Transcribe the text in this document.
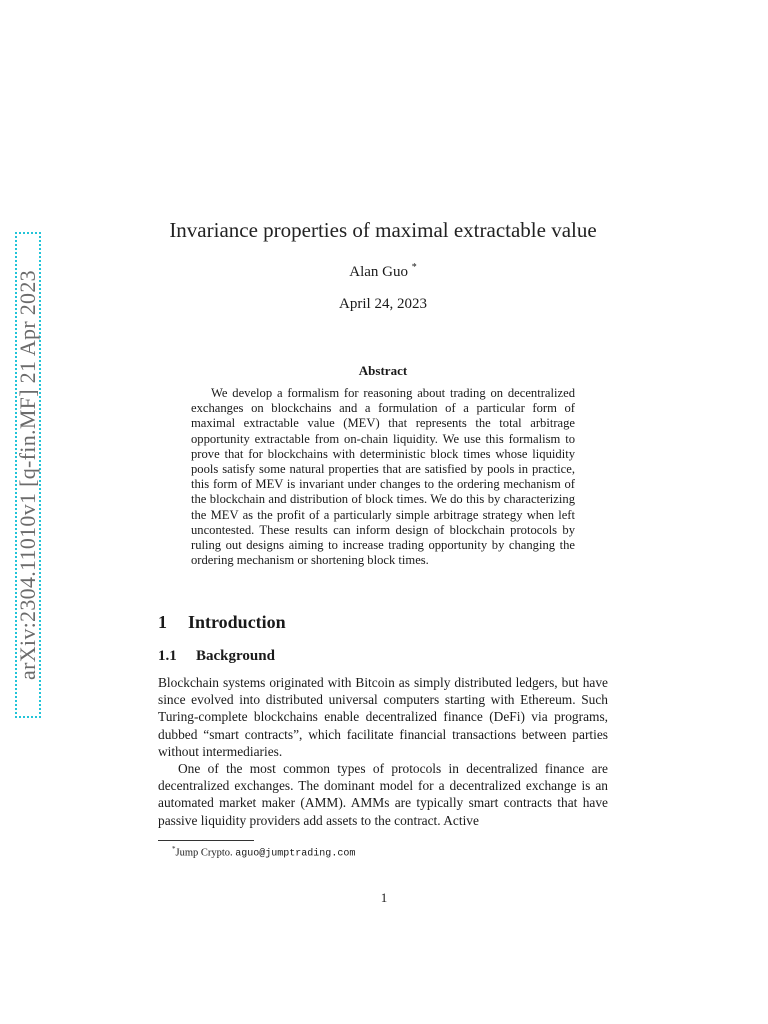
arXiv:2304.11010v1 [q-fin.MF] 21 Apr 2023
Invariance properties of maximal extractable value
Alan Guo *
April 24, 2023
Abstract

We develop a formalism for reasoning about trading on decentralized exchanges on blockchains and a formulation of a particular form of maximal extractable value (MEV) that represents the total arbitrage opportunity extractable from on-chain liquidity. We use this formalism to prove that for blockchains with deterministic block times whose liquidity pools satisfy some natural properties that are satisfied by pools in practice, this form of MEV is invariant under changes to the ordering mechanism of the blockchain and distribution of block times. We do this by characterizing the MEV as the profit of a particularly simple arbitrage strategy when left uncontested. These results can inform design of blockchain protocols by ruling out designs aiming to increase trading opportunity by changing the ordering mechanism or shortening block times.

1 Introduction
1.1 Background

Blockchain systems originated with Bitcoin as simply distributed ledgers, but have since evolved into distributed universal computers starting with Ethereum. Such Turing-complete blockchains enable decentralized finance (DeFi) via programs, dubbed “smart contracts”, which facilitate financial transactions between parties without intermediaries.

One of the most common types of protocols in decentralized finance are decentralized exchanges. The dominant model for a decentralized exchange is an automated market maker (AMM). AMMs are typically smart contracts that have passive liquidity providers add assets to the contract. Active

*Jump Crypto. aguo@jumptrading.com
1
